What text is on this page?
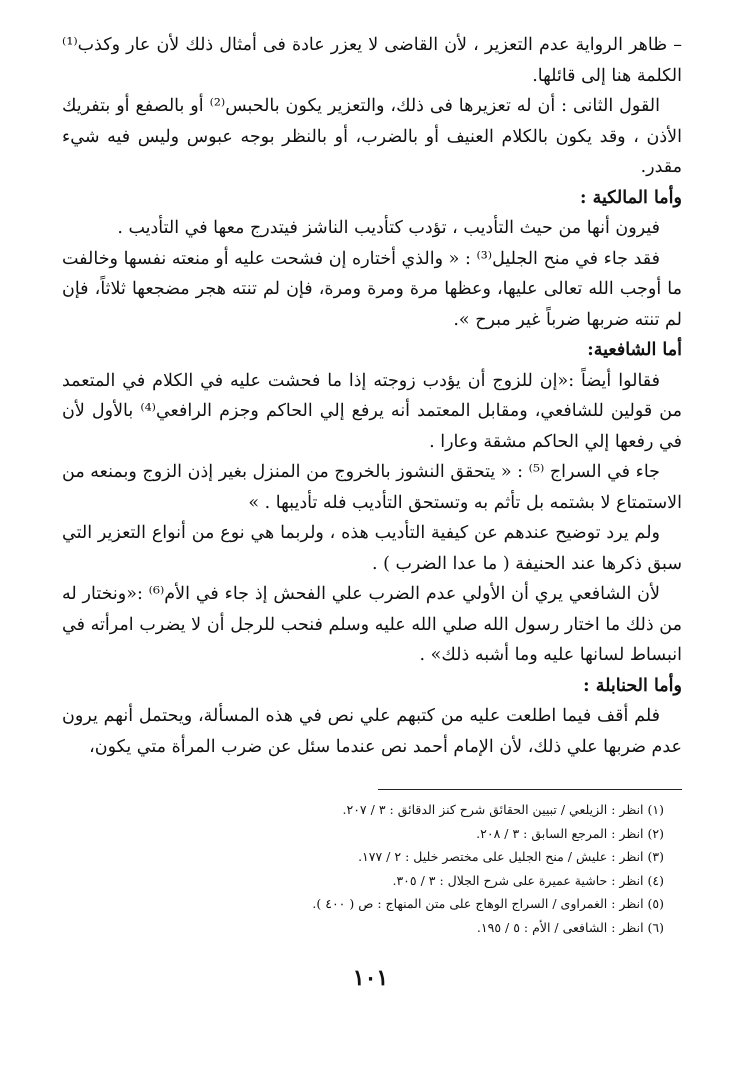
– ظاهر الرواية عدم التعزير ، لأن القاضى لا يعزر عادة فى أمثال ذلك لأن عار وكذب⁽¹⁾ الكلمة هنا إلى قائلها.

القول الثانى : أن له تعزيرها فى ذلك، والتعزير يكون بالحبس⁽²⁾ أو بالصفع أو بتفريك الأذن ، وقد يكون بالكلام العنيف أو بالضرب، أو بالنظر بوجه عبوس وليس فيه شيء مقدر.

وأما المالكية :

فيرون أنها من حيث التأديب ، تؤدب كتأديب الناشز فيتدرج معها في التأديب .

فقد جاء في منح الجليل⁽³⁾ : « والذي أختاره إن فشحت عليه أو منعته نفسها وخالفت ما أوجب الله تعالى عليها، وعظها مرة ومرة ومرة، فإن لم تنته هجر مضجعها ثلاثاً، فإن لم تنته ضربها ضرباً غير مبرح ».

أما الشافعية:

فقالوا أيضاً :«إن للزوج أن يؤدب زوجته إذا ما فحشت عليه في الكلام في المتعمد من قولين للشافعي، ومقابل المعتمد أنه يرفع إلي الحاكم وجزم الرافعي⁽⁴⁾ بالأول لأن في رفعها إلي الحاكم مشقة وعارا .

جاء في السراج ⁽⁵⁾ : « يتحقق النشوز بالخروج من المنزل بغير إذن الزوج وبمنعه من الاستمتاع لا بشتمه بل تأثم به وتستحق التأديب فله تأديبها . »

ولم يرد توضيح عندهم عن كيفية التأديب هذه ، ولربما هي نوع من أنواع التعزير التي سبق ذكرها عند الحنيفة ( ما عدا الضرب ) .

لأن الشافعي يري أن الأولي عدم الضرب علي الفحش إذ جاء في الأم⁽⁶⁾ :«ونختار له من ذلك ما اختار رسول الله صلي الله عليه وسلم فنحب للرجل أن لا يضرب امرأته في انبساط لسانها عليه وما أشبه ذلك» .

وأما الحنابلة :

فلم أقف فيما اطلعت عليه من كتبهم علي نص في هذه المسألة، ويحتمل أنهم يرون عدم ضربها علي ذلك، لأن الإمام أحمد نص عندما سئل عن ضرب المرأة متي يكون،

(١) انظر : الزيلعي / تبيين الحقائق شرح كنز الدقائق : ٣ / ٢٠٧.

(٢) انظر : المرجع السابق : ٣ / ٢٠٨.

(٣) انظر : عليش / منح الجليل على مختصر خليل : ٢ / ١٧٧.

(٤) انظر : حاشية عميرة على شرح الجلال : ٣ / ٣٠٥.

(٥) انظر : الغمراوى / السراج الوهاج على متن المنهاج : ص ( ٤٠٠ ).

(٦) انظر : الشافعى / الأم : ٥ / ١٩٥.

١٠١
